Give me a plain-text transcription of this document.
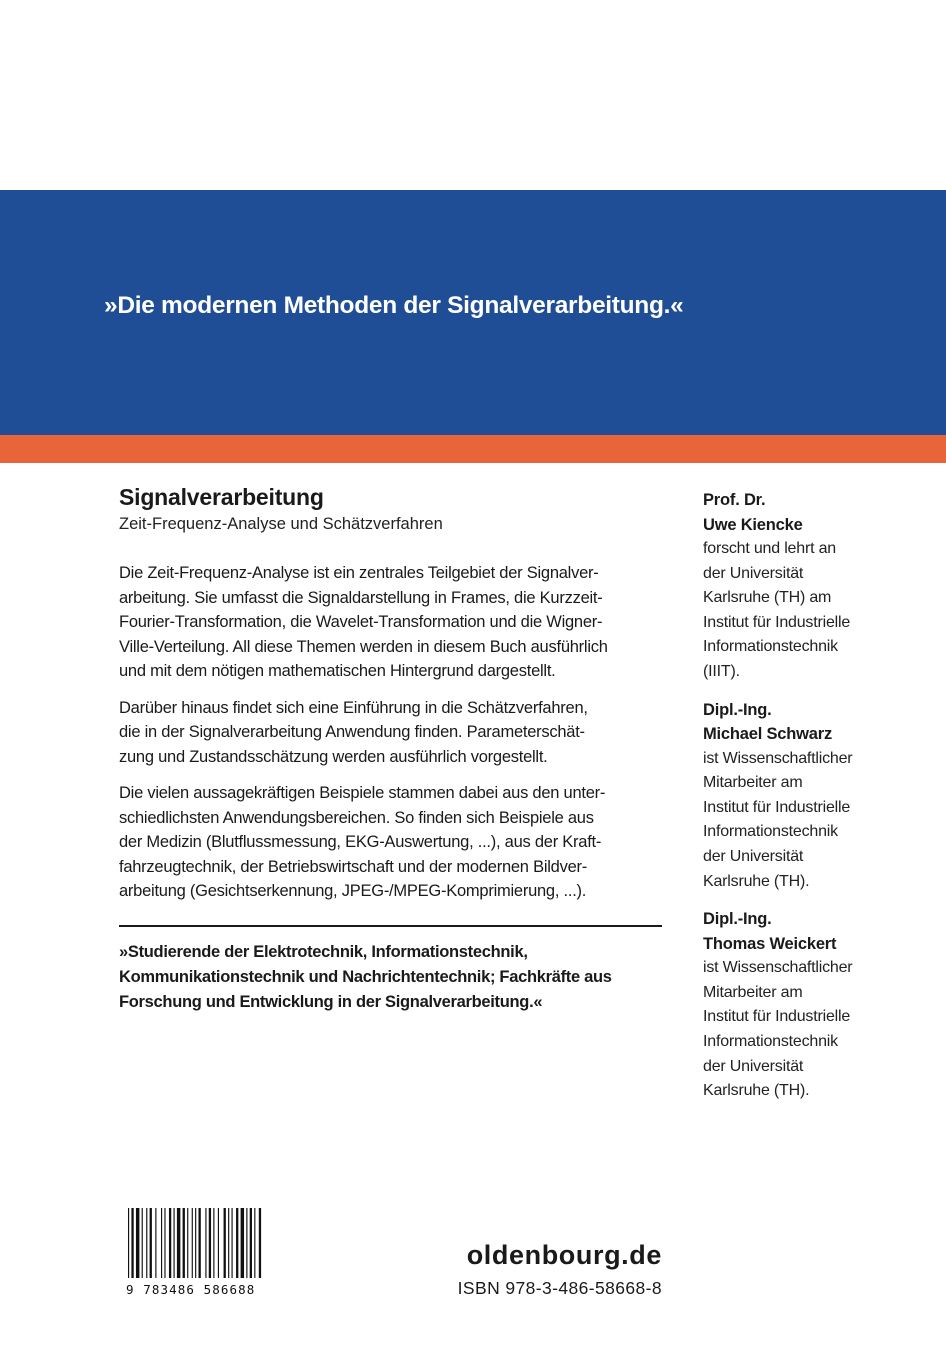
»Die modernen Methoden der Signalverarbeitung.«
Signalverarbeitung
Zeit-Frequenz-Analyse und Schätzverfahren
Die Zeit-Frequenz-Analyse ist ein zentrales Teilgebiet der Signalver-
arbeitung. Sie umfasst die Signaldarstellung in Frames, die Kurzzeit-
Fourier-Transformation, die Wavelet-Transformation und die Wigner-
Ville-Verteilung. All diese Themen werden in diesem Buch ausführlich
und mit dem nötigen mathematischen Hintergrund dargestellt.
Darüber hinaus findet sich eine Einführung in die Schätzverfahren,
die in der Signalverarbeitung Anwendung finden. Parameterschät-
zung und Zustandsschätzung werden ausführlich vorgestellt.
Die vielen aussagekräftigen Beispiele stammen dabei aus den unter-
schiedlichsten Anwendungsbereichen. So finden sich Beispiele aus
der Medizin (Blutflussmessung, EKG-Auswertung, ...), aus der Kraft-
fahrzeugtechnik, der Betriebswirtschaft und der modernen Bildver-
arbeitung (Gesichtserkennung, JPEG-/MPEG-Komprimierung, ...).
»Studierende der Elektrotechnik, Informationstechnik,
Kommunikationstechnik und Nachrichtentechnik; Fachkräfte aus
Forschung und Entwicklung in der Signalverarbeitung.«
Prof. Dr.
Uwe Kiencke
forscht und lehrt an
der Universität
Karlsruhe (TH) am
Institut für Industrielle
Informationstechnik
(IIIT).
Dipl.-Ing.
Michael Schwarz
ist Wissenschaftlicher
Mitarbeiter am
Institut für Industrielle
Informationstechnik
der Universität
Karlsruhe (TH).
Dipl.-Ing.
Thomas Weickert
ist Wissenschaftlicher
Mitarbeiter am
Institut für Industrielle
Informationstechnik
der Universität
Karlsruhe (TH).
9 783486 586688
oldenbourg.de
ISBN 978-3-486-58668-8
